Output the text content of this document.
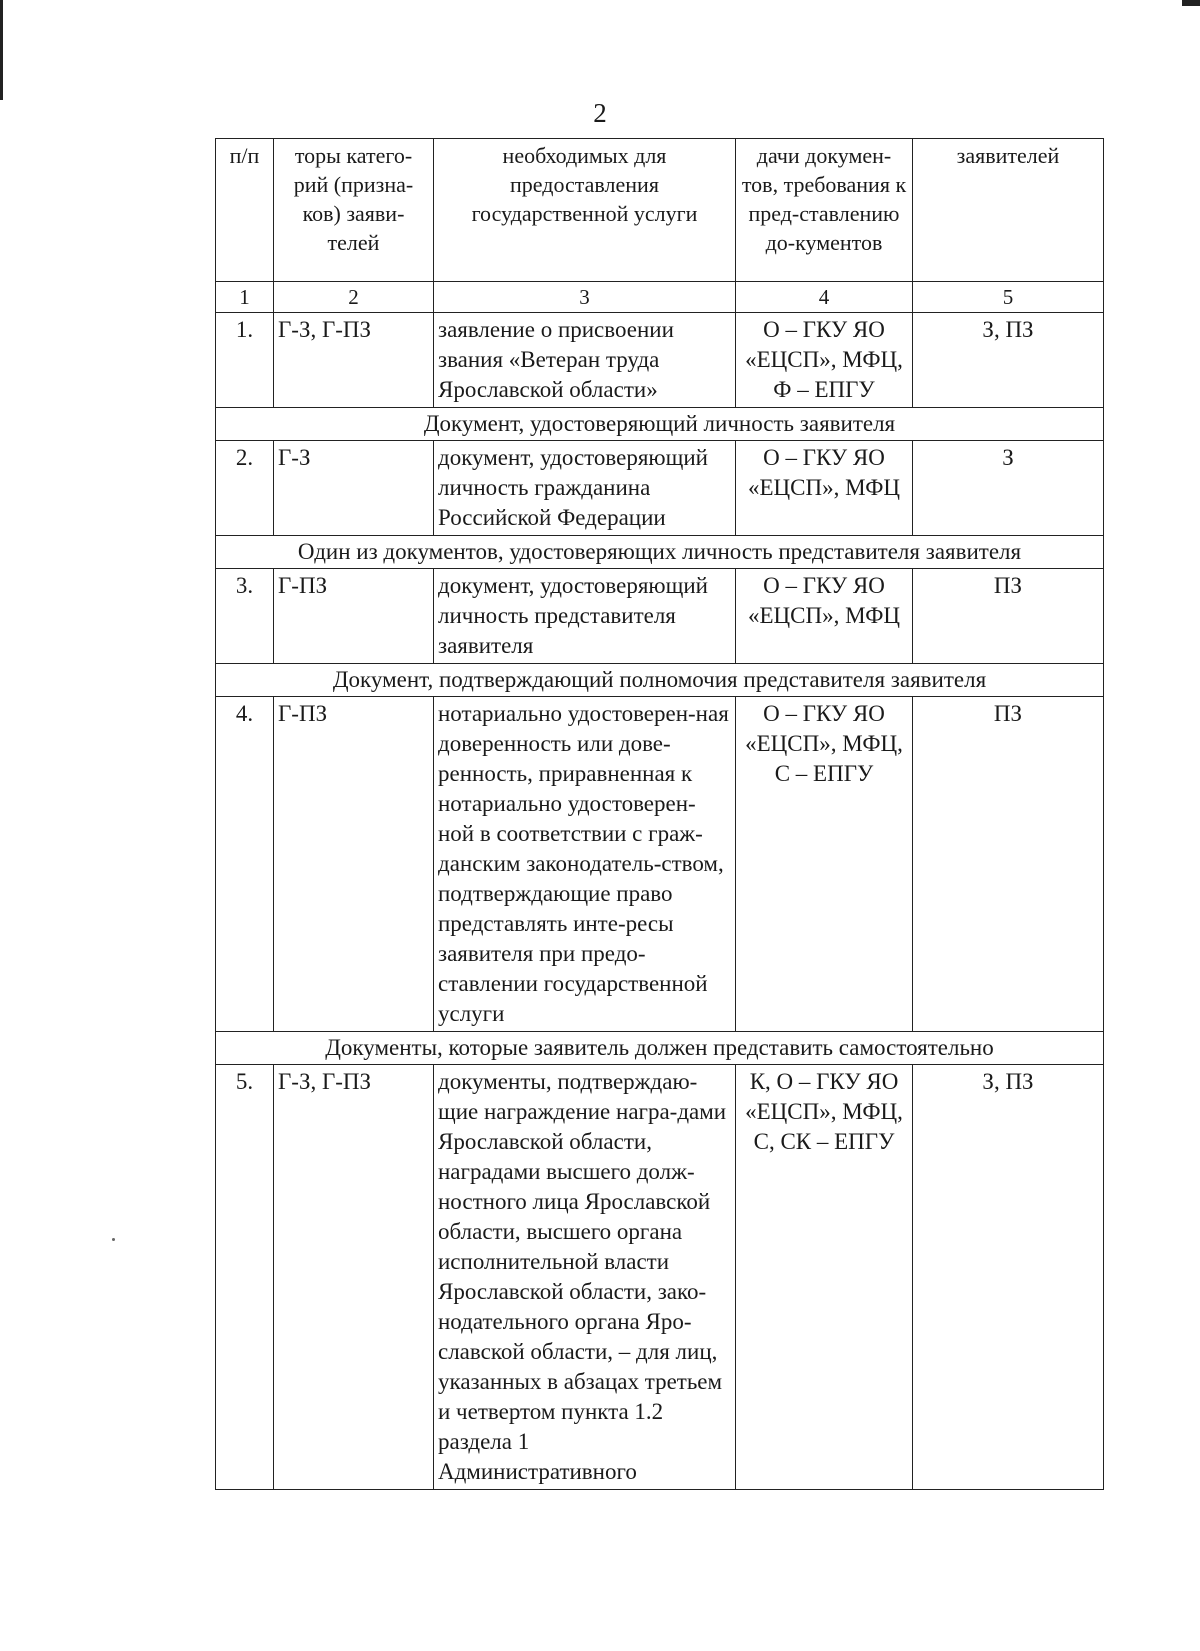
2
п/п	торы катего-рий (призна-ков) заяви-телей	необходимых для предоставления государственной услуги	дачи докумен-тов, требования к пред-ставлению до-кументов	заявителей
1	2	3	4	5
1.	Г-З, Г-ПЗ	заявление о присвоении звания «Ветеран труда Ярославской области»	О – ГКУ ЯО «ЕЦСП», МФЦ, Ф – ЕПГУ	З, ПЗ
Документ, удостоверяющий личность заявителя				
2.	Г-З	документ, удостоверяющий личность гражданина Российской Федерации	О – ГКУ ЯО «ЕЦСП», МФЦ	З
Один из документов, удостоверяющих личность представителя заявителя				
3.	Г-ПЗ	документ, удостоверяющий личность представителя заявителя	О – ГКУ ЯО «ЕЦСП», МФЦ	ПЗ
Документ, подтверждающий полномочия представителя заявителя				
4.	Г-ПЗ	нотариально удостоверен-ная доверенность или дове-ренность, приравненная к нотариально удостоверен-ной в соответствии с граж-данским законодатель-ством, подтверждающие право представлять инте-ресы заявителя при предо-ставлении государственной услуги	О – ГКУ ЯО «ЕЦСП», МФЦ, С – ЕПГУ	ПЗ
Документы, которые заявитель должен представить самостоятельно				
5.	Г-З, Г-ПЗ	документы, подтверждаю-щие награждение награ-дами Ярославской области, наградами высшего долж-ностного лица Ярославской области, высшего органа исполнительной власти Ярославской области, зако-нодательного органа Яро-славской области, – для лиц, указанных в абзацах третьем и четвертом пункта 1.2 раздела 1 Административного	К, О – ГКУ ЯО «ЕЦСП», МФЦ, С, СК – ЕПГУ	З, ПЗ
